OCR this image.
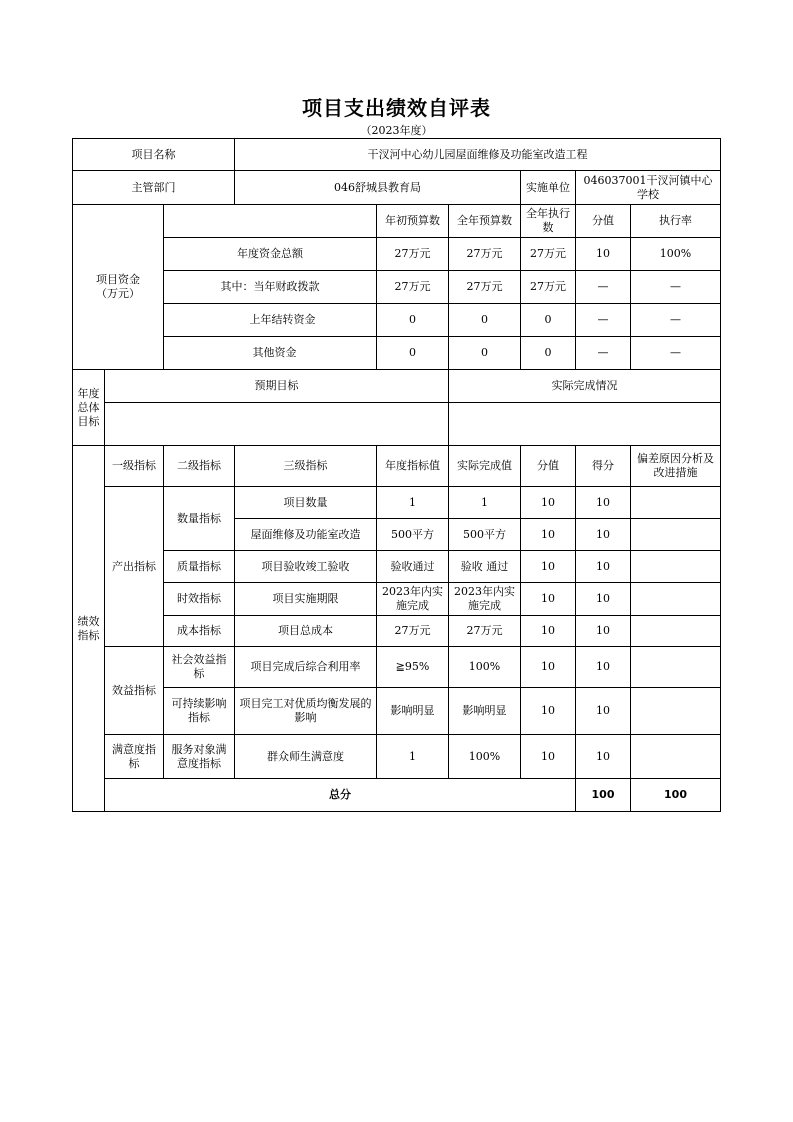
项目支出绩效自评表
（2023年度）
项目名称			干汊河中心幼儿园屋面维修及功能室改造工程						
主管部门			046舒城县教育局			实施单位	046037001干汊河镇中心学校		
项目资金
（万元）				年初预算数	全年预算数	全年执行数	分值	执行率	
		年度资金总额		27万元	27万元	27万元	10	100%	
		其中：当年财政拨款		27万元	27万元	27万元	—	—	
		上年结转资金		0	0	0	—	—	
		其他资金		0	0	0	—	—	
年度总体目标	预期目标				实际完成情况				

绩效指标	一级指标	二级指标	三级指标	年度指标值	实际完成值	分值	得分	偏差原因分析及改进措施	
	产出指标	数量指标	项目数量	1	1	10	10		
			屋面维修及功能室改造	500平方	500平方	10	10		
		质量指标	项目验收竣工验收	验收通过	验收 通过	10	10		
		时效指标	项目实施期限	2023年内实施完成	2023年内实施完成	10	10		
		成本指标	项目总成本	27万元	27万元	10	10		
	效益指标	社会效益指标	项目完成后综合利用率	≧95%	100%	10	10		
		可持续影响指标	项目完工对优质均衡发展的影响	影响明显	影响明显	10	10		
	满意度指标	服务对象满意度指标	群众师生满意度	1	100%	10	10		
	总分						100	100	
